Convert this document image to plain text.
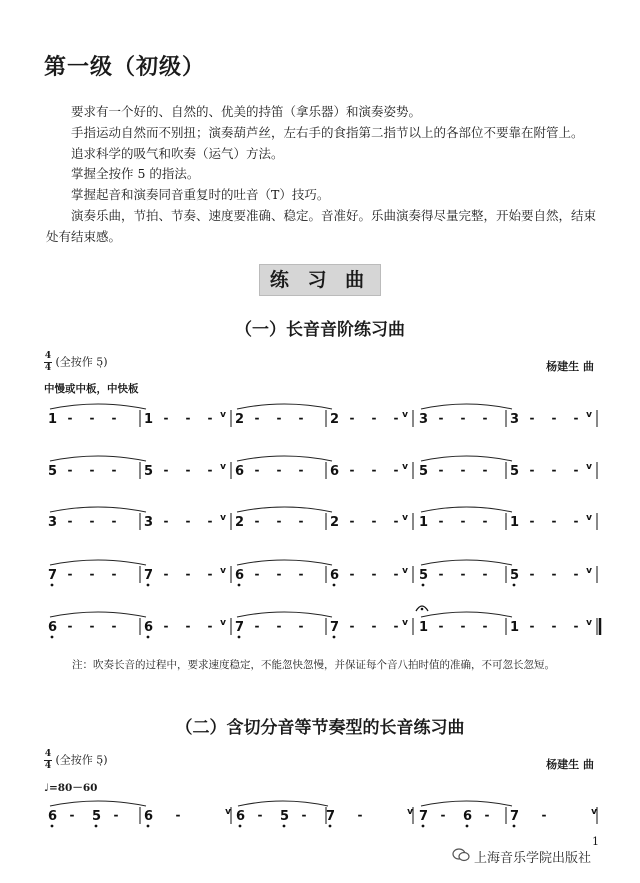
第一级（初级）

要求有一个好的、自然的、优美的持笛（拿乐器）和演奏姿势。

手指运动自然而不别扭；演奏葫芦丝，左右手的食指第二指节以上的各部位不要靠在附管上。

追求科学的吸气和吹奏（运气）方法。

掌握全按作 5 的指法。

掌握起音和演奏同音重复时的吐音（T）技巧。

演奏乐曲，节拍、节奏、速度要准确、稳定。音准好。乐曲演奏得尽量完整，开始要自然，结束处有结束感。

练 习 曲
（一）长音音阶练习曲
$\frac{4}{4}$ (全按作 5̣)	杨建生 曲
中慢或中板，中快板
注：吹奏长音的过程中，要求速度稳定，不能忽快忽慢，并保证每个音八拍时值的准确，不可忽长忽短。
（二）含切分音等节奏型的长音练习曲
$\frac{4}{4}$ (全按作 5̣)	杨建生 曲
♩=80－60
1 - - - 1 - - - v 2 - - - 2 - - - v 3 - - - 3 - - - v
5 - - - 5 - - - v 6 - - - 6 - - - v 5 - - - 5 - - - v
3 - - - 3 - - - v 2 - - - 2 - - - v 1 - - - 1 - - - v
7 - - - 7 - - - v 6 - - - 6 - - - v 5 - - - 5 - - - v
6 - - - 6 - - - v 7 - - - 7 - - - v 1 - - - 1 - - - v
6 - 5 - 6 -	v 6 - 5 - 7 -	v 7 - 6 - 7 -	v
1
上海音乐学院出版社
